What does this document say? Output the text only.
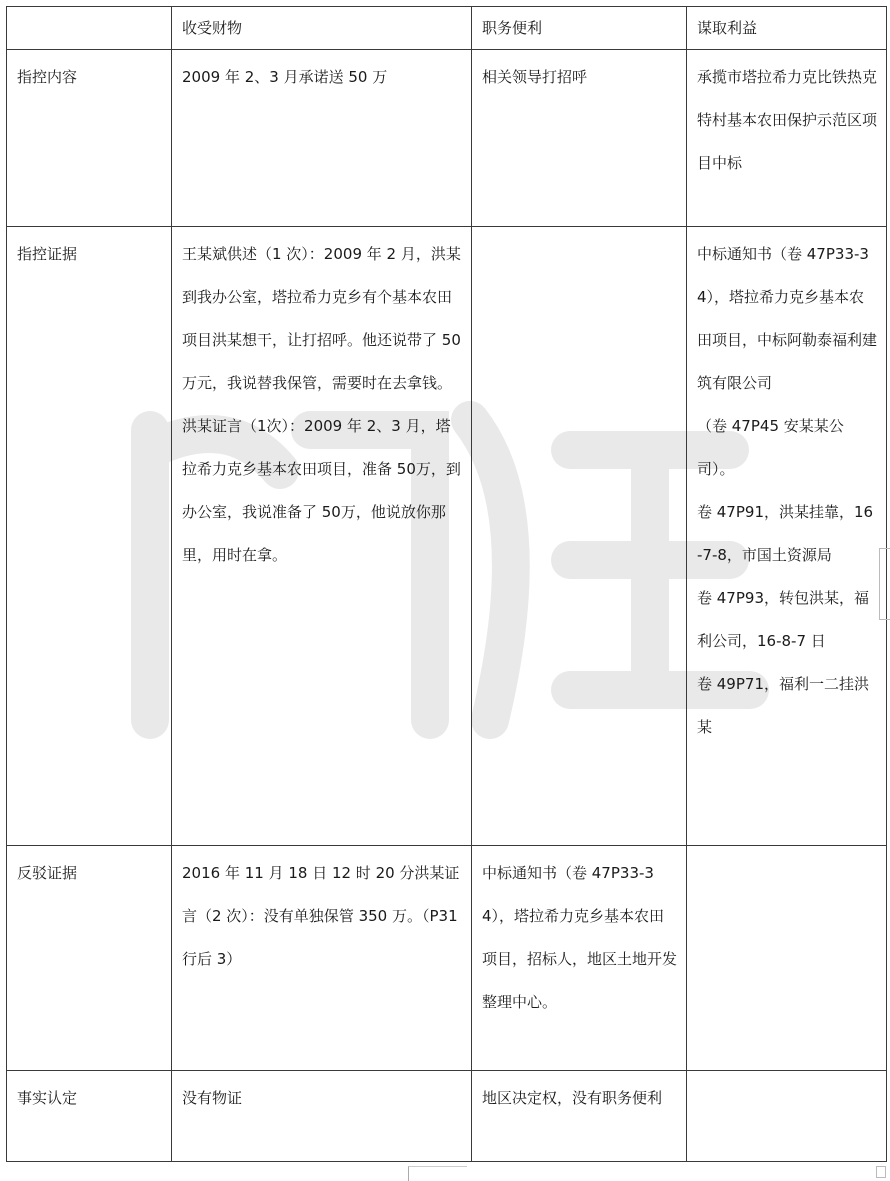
	收受财物	职务便利	谋取利益
指控内容	2009 年 2、3 月承诺送 50 万	相关领导打招呼	承揽市塔拉希力克比铁热克特村基本农田保护示范区项目中标

指控证据	王某斌供述（1 次）：2009 年 2 月，洪某到我办公室，塔拉希力克乡有个基本农田项目洪某想干，让打招呼。他还说带了 50 万元，我说替我保管，需要时在去拿钱。
洪某证言（1次）：2009 年 2、3 月，塔拉希力克乡基本农田项目，准备 50万，到办公室，我说准备了 50万，他说放你那里，用时在拿。		中标通知书（卷 47P33-34），塔拉希力克乡基本农田项目，中标阿勒泰福利建筑有限公司
（卷 47P45 安某某公司）。
卷 47P91，洪某挂靠，16-7-8，市国土资源局
卷 47P93，转包洪某，福利公司，16-8-7 日
卷 49P71，福利一二挂洪某

反驳证据	2016 年 11 月 18 日 12 时 20 分洪某证言（2 次）：没有单独保管 350 万。（P31 行后 3）	中标通知书（卷 47P33-34），塔拉希力克乡基本农田项目，招标人，地区土地开发整理中心。	

事实认定	没有物证	地区决定权，没有职务便利	
